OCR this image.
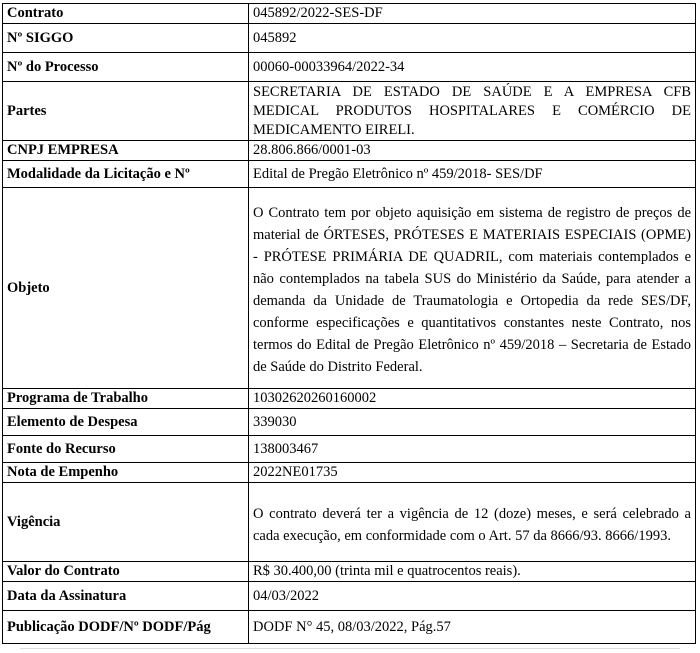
Contrato	045892/2022-SES-DF
Nº SIGGO	045892
Nº do Processo	00060-00033964/2022-34
Partes	SECRETARIA DE ESTADO DE SAÚDE E A EMPRESA CFB MEDICAL PRODUTOS HOSPITALARES E COMÉRCIO DE MEDICAMENTO EIRELI.
CNPJ EMPRESA	28.806.866/0001-03
Modalidade da Licitação e Nº	Edital de Pregão Eletrônico nº 459/2018- SES/DF
Objeto	O Contrato tem por objeto aquisição em sistema de registro de preços de material de ÓRTESES, PRÓTESES E MATERIAIS ESPECIAIS (OPME) - PRÓTESE PRIMÁRIA DE QUADRIL, com materiais contemplados e não contemplados na tabela SUS do Ministério da Saúde, para atender a demanda da Unidade de Traumatologia e Ortopedia da rede SES/DF, conforme especificações e quantitativos constantes neste Contrato, nos termos do Edital de Pregão Eletrônico nº 459/2018 – Secretaria de Estado de Saúde do Distrito Federal.
Programa de Trabalho	10302620260160002
Elemento de Despesa	339030
Fonte do Recurso	138003467
Nota de Empenho	2022NE01735
Vigência	O contrato deverá ter a vigência de 12 (doze) meses, e será celebrado a cada execução, em conformidade com o Art. 57 da 8666/93. 8666/1993.
Valor do Contrato	R$ 30.400,00 (trinta mil e quatrocentos reais).
Data da Assinatura	04/03/2022
Publicação DODF/Nº DODF/Pág	DODF N° 45, 08/03/2022, Pág.57
